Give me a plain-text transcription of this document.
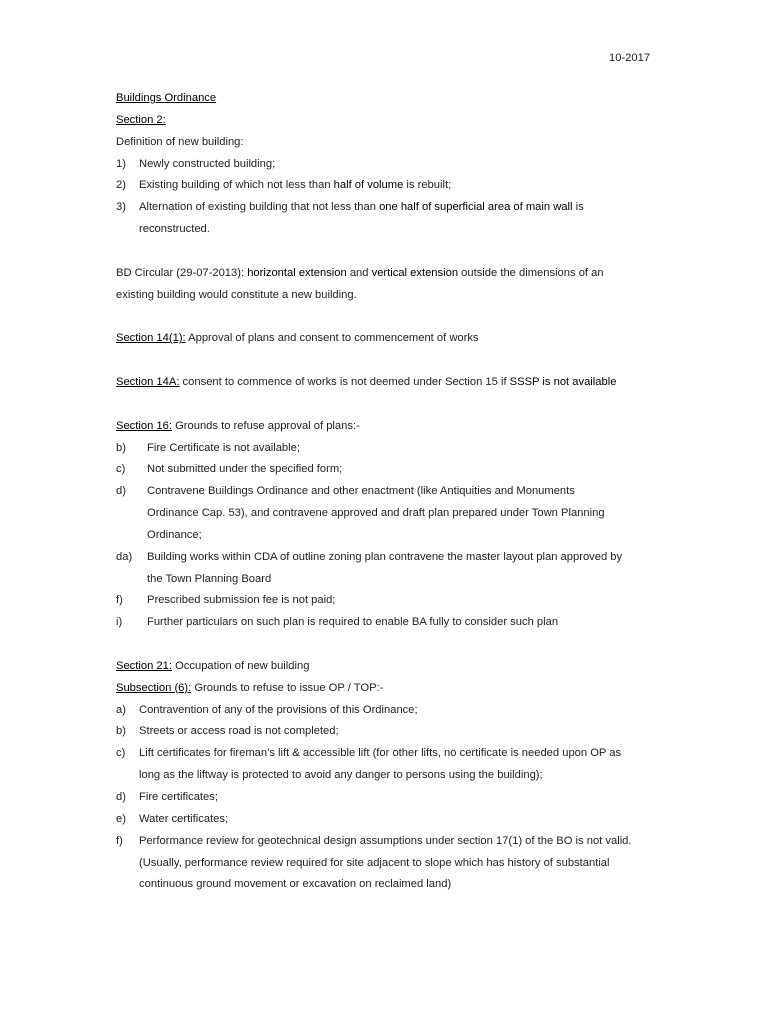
10-2017
Buildings Ordinance
Section 2:
Definition of new building:
1)	Newly constructed building;
2)	Existing building of which not less than half of volume is rebuilt;
3)	Alternation of existing building that not less than one half of superficial area of main wall is
reconstructed.
BD Circular (29-07-2013): horizontal extension and vertical extension outside the dimensions of an
existing building would constitute a new building.
Section 14(1): Approval of plans and consent to commencement of works
Section 14A: consent to commence of works is not deemed under Section 15 if SSSP is not available
Section 16: Grounds to refuse approval of plans:-
b)	Fire Certificate is not available;
c)	Not submitted under the specified form;
d)	Contravene Buildings Ordinance and other enactment (like Antiquities and Monuments
Ordinance Cap. 53), and contravene approved and draft plan prepared under Town Planning
Ordinance;
da)	Building works within CDA of outline zoning plan contravene the master layout plan approved by
the Town Planning Board
f)	Prescribed submission fee is not paid;
i)	Further particulars on such plan is required to enable BA fully to consider such plan
Section 21: Occupation of new building
Subsection (6): Grounds to refuse to issue OP / TOP:-
a)	Contravention of any of the provisions of this Ordinance;
b)	Streets or access road is not completed;
c)	Lift certificates for fireman’s lift & accessible lift (for other lifts, no certificate is needed upon OP as
long as the liftway is protected to avoid any danger to persons using the building);
d)	Fire certificates;
e)	Water certificates;
f)	Performance review for geotechnical design assumptions under section 17(1) of the BO is not valid.
(Usually, performance review required for site adjacent to slope which has history of substantial
continuous ground movement or excavation on reclaimed land)
